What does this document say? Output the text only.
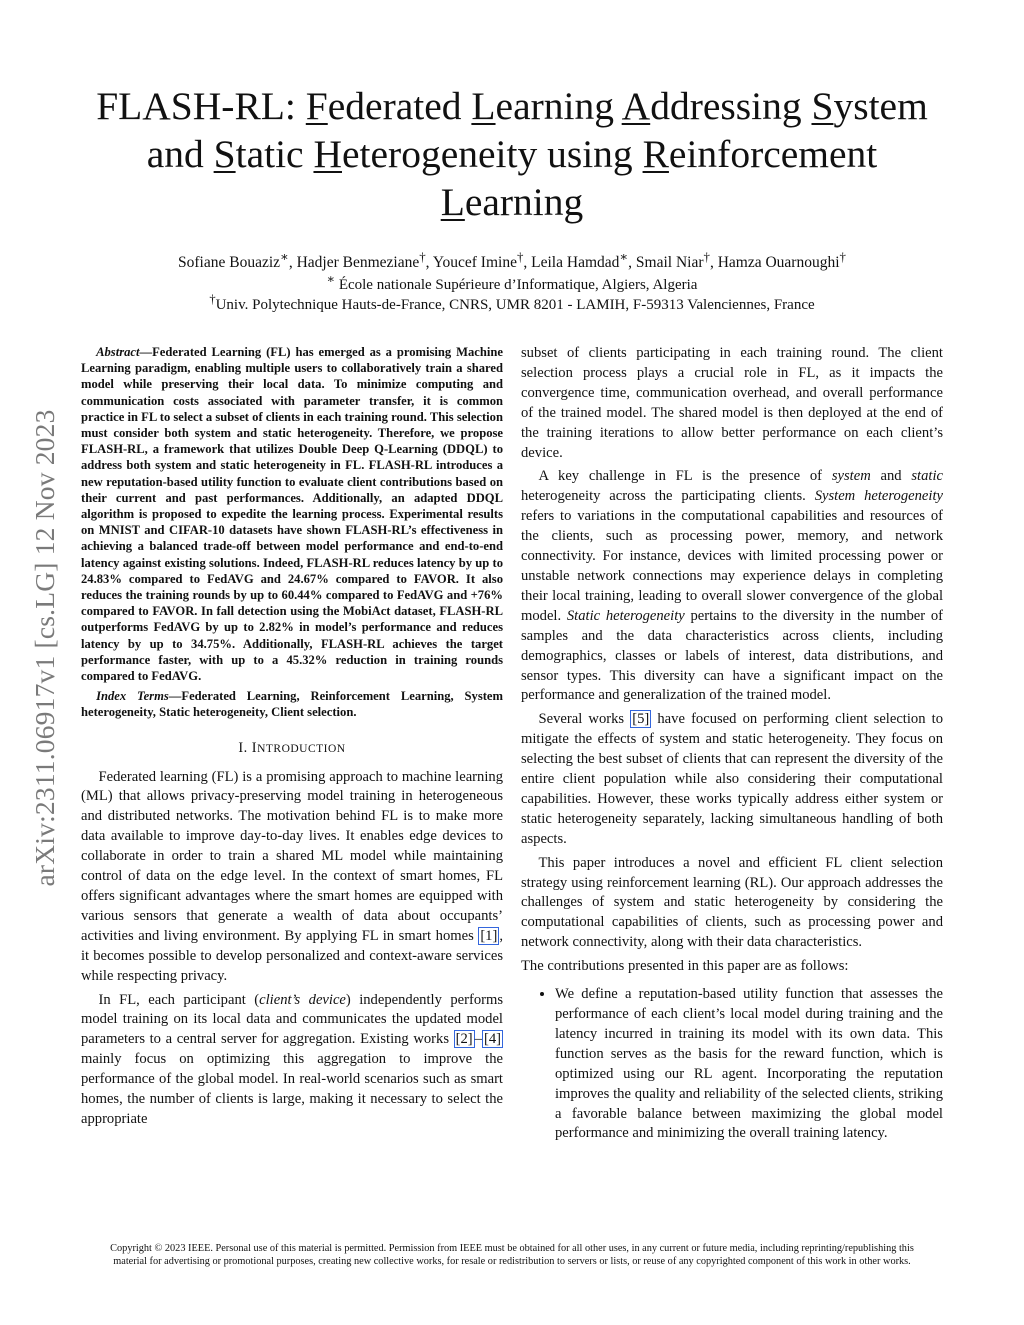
arXiv:2311.06917v1 [cs.LG] 12 Nov 2023
FLASH-RL: Federated Learning Addressing System
and Static Heterogeneity using Reinforcement
Learning
Sofiane Bouaziz∗, Hadjer Benmeziane†, Youcef Imine†, Leila Hamdad∗, Smail Niar†, Hamza Ouarnoughi†
∗ École nationale Supérieure d’Informatique, Algiers, Algeria
†Univ. Polytechnique Hauts-de-France, CNRS, UMR 8201 - LAMIH, F-59313 Valenciennes, France

Abstract—Federated Learning (FL) has emerged as a promising Machine Learning paradigm, enabling multiple users to collaboratively train a shared model while preserving their local data. To minimize computing and communication costs associated with parameter transfer, it is common practice in FL to select a subset of clients in each training round. This selection must consider both system and static heterogeneity. Therefore, we propose FLASH-RL, a framework that utilizes Double Deep Q-Learning (DDQL) to address both system and static heterogeneity in FL. FLASH-RL introduces a new reputation-based utility function to evaluate client contributions based on their current and past performances. Additionally, an adapted DDQL algorithm is proposed to expedite the learning process. Experimental results on MNIST and CIFAR-10 datasets have shown FLASH-RL’s effectiveness in achieving a balanced trade-off between model performance and end-to-end latency against existing solutions. Indeed, FLASH-RL reduces latency by up to 24.83% compared to FedAVG and 24.67% compared to FAVOR. It also reduces the training rounds by up to 60.44% compared to FedAVG and +76% compared to FAVOR. In fall detection using the MobiAct dataset, FLASH-RL outperforms FedAVG by up to 2.82% in model’s performance and reduces latency by up to 34.75%. Additionally, FLASH-RL achieves the target performance faster, with up to a 45.32% reduction in training rounds compared to FedAVG.

Index Terms—Federated Learning, Reinforcement Learning, System heterogeneity, Static heterogeneity, Client selection.

I. INTRODUCTION

Federated learning (FL) is a promising approach to machine learning (ML) that allows privacy-preserving model training in heterogeneous and distributed networks. The motivation behind FL is to make more data available to improve day-to-day lives. It enables edge devices to collaborate in order to train a shared ML model while maintaining control of data on the edge level. In the context of smart homes, FL offers significant advantages where the smart homes are equipped with various sensors that generate a wealth of data about occupants’ activities and living environment. By applying FL in smart homes [1] , it becomes possible to develop personalized and context-aware services while respecting privacy.

In FL, each participant (client’s device) independently performs model training on its local data and communicates the updated model parameters to a central server for aggregation. Existing works [2] – [4] mainly focus on optimizing this aggregation to improve the performance of the global model. In real-world scenarios such as smart homes, the number of clients is large, making it necessary to select the appropriate

subset of clients participating in each training round. The client selection process plays a crucial role in FL, as it impacts the convergence time, communication overhead, and overall performance of the trained model. The shared model is then deployed at the end of the training iterations to allow better performance on each client’s device.

A key challenge in FL is the presence of system and static heterogeneity across the participating clients. System heterogeneity refers to variations in the computational capabilities and resources of the clients, such as processing power, memory, and network connectivity. For instance, devices with limited processing power or unstable network connections may experience delays in completing their local training, leading to overall slower convergence of the global model. Static heterogeneity pertains to the diversity in the number of samples and the data characteristics across clients, including demographics, classes or labels of interest, data distributions, and sensor types. This diversity can have a significant impact on the performance and generalization of the trained model.

Several works [5] have focused on performing client selection to mitigate the effects of system and static heterogeneity. They focus on selecting the best subset of clients that can represent the diversity of the entire client population while also considering their computational capabilities. However, these works typically address either system or static heterogeneity separately, lacking simultaneous handling of both aspects.

This paper introduces a novel and efficient FL client selection strategy using reinforcement learning (RL). Our approach addresses the challenges of system and static heterogeneity by considering the computational capabilities of clients, such as processing power and network connectivity, along with their data characteristics.

The contributions presented in this paper are as follows:

• We define a reputation-based utility function that assesses the performance of each client’s local model during training and the latency incurred in training its model with its own data. This function serves as the basis for the reward function, which is optimized using our RL agent. Incorporating the reputation improves the quality and reliability of the selected clients, striking a favorable balance between maximizing the global model performance and minimizing the overall training latency.
Copyright © 2023 IEEE. Personal use of this material is permitted. Permission from IEEE must be obtained for all other uses, in any current or future media, including reprinting/republishing this material for advertising or promotional purposes, creating new collective works, for resale or redistribution to servers or lists, or reuse of any copyrighted component of this work in other works.
